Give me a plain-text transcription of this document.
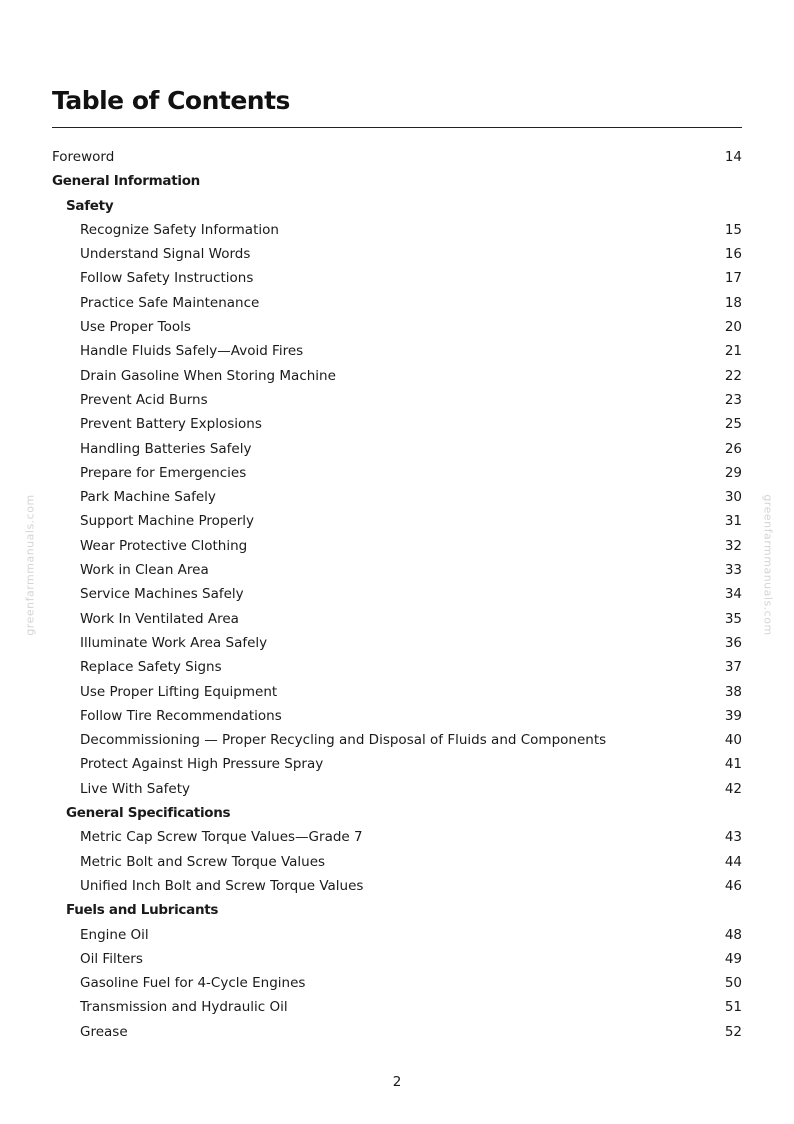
Table of Contents
Foreword	14
General Information
Safety
Recognize Safety Information	15
Understand Signal Words	16
Follow Safety Instructions	17
Practice Safe Maintenance	18
Use Proper Tools	20
Handle Fluids Safely—Avoid Fires	21
Drain Gasoline When Storing Machine	22
Prevent Acid Burns	23
Prevent Battery Explosions	25
Handling Batteries Safely	26
Prepare for Emergencies	29
Park Machine Safely	30
Support Machine Properly	31
Wear Protective Clothing	32
Work in Clean Area	33
Service Machines Safely	34
Work In Ventilated Area	35
Illuminate Work Area Safely	36
Replace Safety Signs	37
Use Proper Lifting Equipment	38
Follow Tire Recommendations	39
Decommissioning — Proper Recycling and Disposal of Fluids and Components	40
Protect Against High Pressure Spray	41
Live With Safety	42
General Specifications
Metric Cap Screw Torque Values—Grade 7	43
Metric Bolt and Screw Torque Values	44
Unified Inch Bolt and Screw Torque Values	46
Fuels and Lubricants
Engine Oil	48
Oil Filters	49
Gasoline Fuel for 4-Cycle Engines	50
Transmission and Hydraulic Oil	51
Grease	52
greenfarmmanuals.com	greenfarmmanuals.com
2
